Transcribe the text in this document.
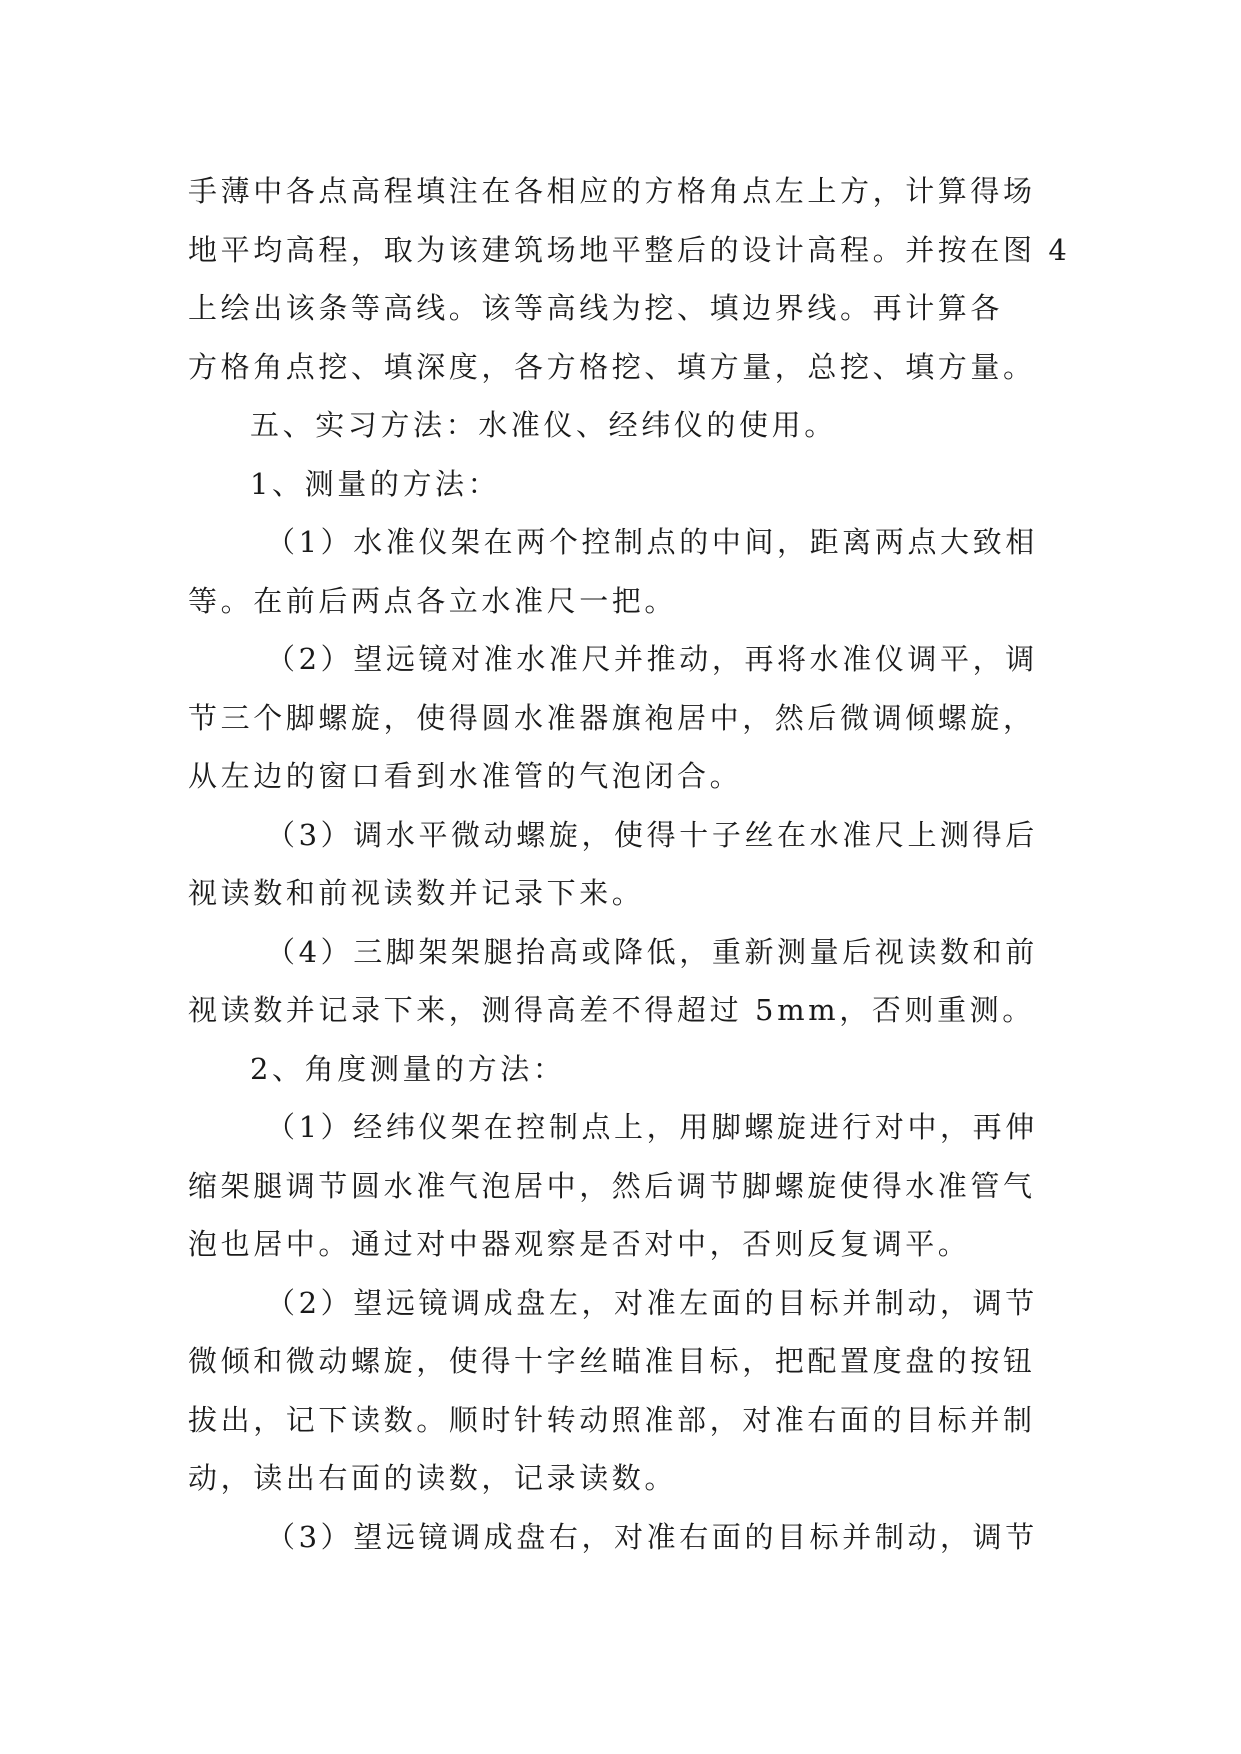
手薄中各点高程填注在各相应的方格角点左上方，计算得场
地平均高程，取为该建筑场地平整后的设计高程。并按在图 4
上绘出该条等高线。该等高线为挖、填边界线。再计算各
方格角点挖、填深度，各方格挖、填方量，总挖、填方量。
五、实习方法：水准仪、经纬仪的使用。
1、测量的方法：
（1）水准仪架在两个控制点的中间，距离两点大致相
等。在前后两点各立水准尺一把。
（2）望远镜对准水准尺并推动，再将水准仪调平，调
节三个脚螺旋，使得圆水准器旗袍居中，然后微调倾螺旋，
从左边的窗口看到水准管的气泡闭合。
（3）调水平微动螺旋，使得十子丝在水准尺上测得后
视读数和前视读数并记录下来。
（4）三脚架架腿抬高或降低，重新测量后视读数和前
视读数并记录下来，测得高差不得超过 5mm，否则重测。
2、角度测量的方法：
（1）经纬仪架在控制点上，用脚螺旋进行对中，再伸
缩架腿调节圆水准气泡居中，然后调节脚螺旋使得水准管气
泡也居中。通过对中器观察是否对中，否则反复调平。
（2）望远镜调成盘左，对准左面的目标并制动，调节
微倾和微动螺旋，使得十字丝瞄准目标，把配置度盘的按钮
拔出，记下读数。顺时针转动照准部，对准右面的目标并制
动，读出右面的读数，记录读数。
（3）望远镜调成盘右，对准右面的目标并制动，调节
